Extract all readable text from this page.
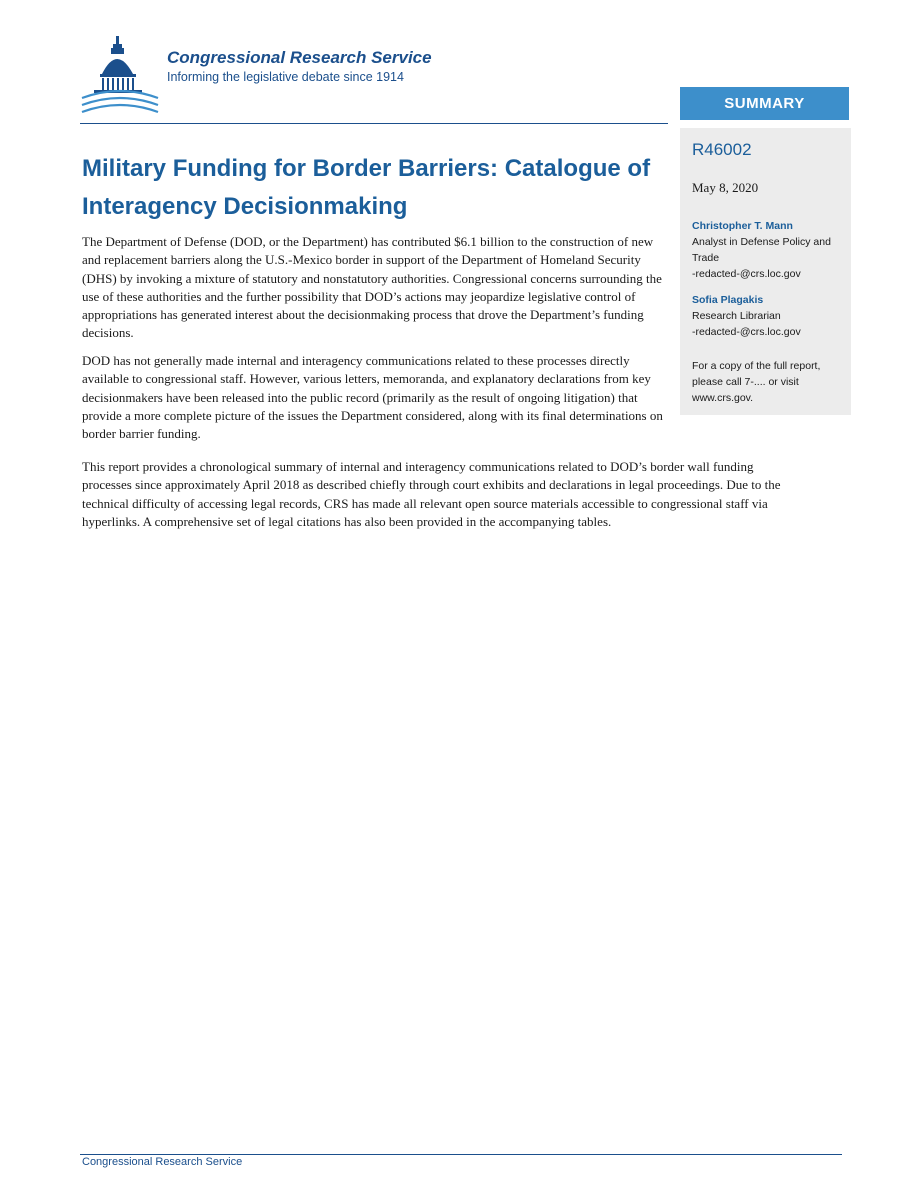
Congressional Research Service
Informing the legislative debate since 1914
Military Funding for Border Barriers: Catalogue of Interagency Decisionmaking
The Department of Defense (DOD, or the Department) has contributed $6.1 billion to the construction of new and replacement barriers along the U.S.-Mexico border in support of the Department of Homeland Security (DHS) by invoking a mixture of statutory and nonstatutory authorities. Congressional concerns surrounding the use of these authorities and the further possibility that DOD’s actions may jeopardize legislative control of appropriations has generated interest about the decisionmaking process that drove the Department’s funding decisions.
DOD has not generally made internal and interagency communications related to these processes directly available to congressional staff. However, various letters, memoranda, and explanatory declarations from key decisionmakers have been released into the public record (primarily as the result of ongoing litigation) that provide a more complete picture of the issues the Department considered, along with its final determinations on border barrier funding.
This report provides a chronological summary of internal and interagency communications related to DOD’s border wall funding processes since approximately April 2018 as described chiefly through court exhibits and declarations in legal proceedings. Due to the technical difficulty of accessing legal records, CRS has made all relevant open source materials accessible to congressional staff via hyperlinks. A comprehensive set of legal citations has also been provided in the accompanying tables.
SUMMARY
R46002
May 8, 2020
Christopher T. Mann
Analyst in Defense Policy and Trade
-redacted-@crs.loc.gov
Sofia Plagakis
Research Librarian
-redacted-@crs.loc.gov
For a copy of the full report, please call 7-.... or visit www.crs.gov.
Congressional Research Service
